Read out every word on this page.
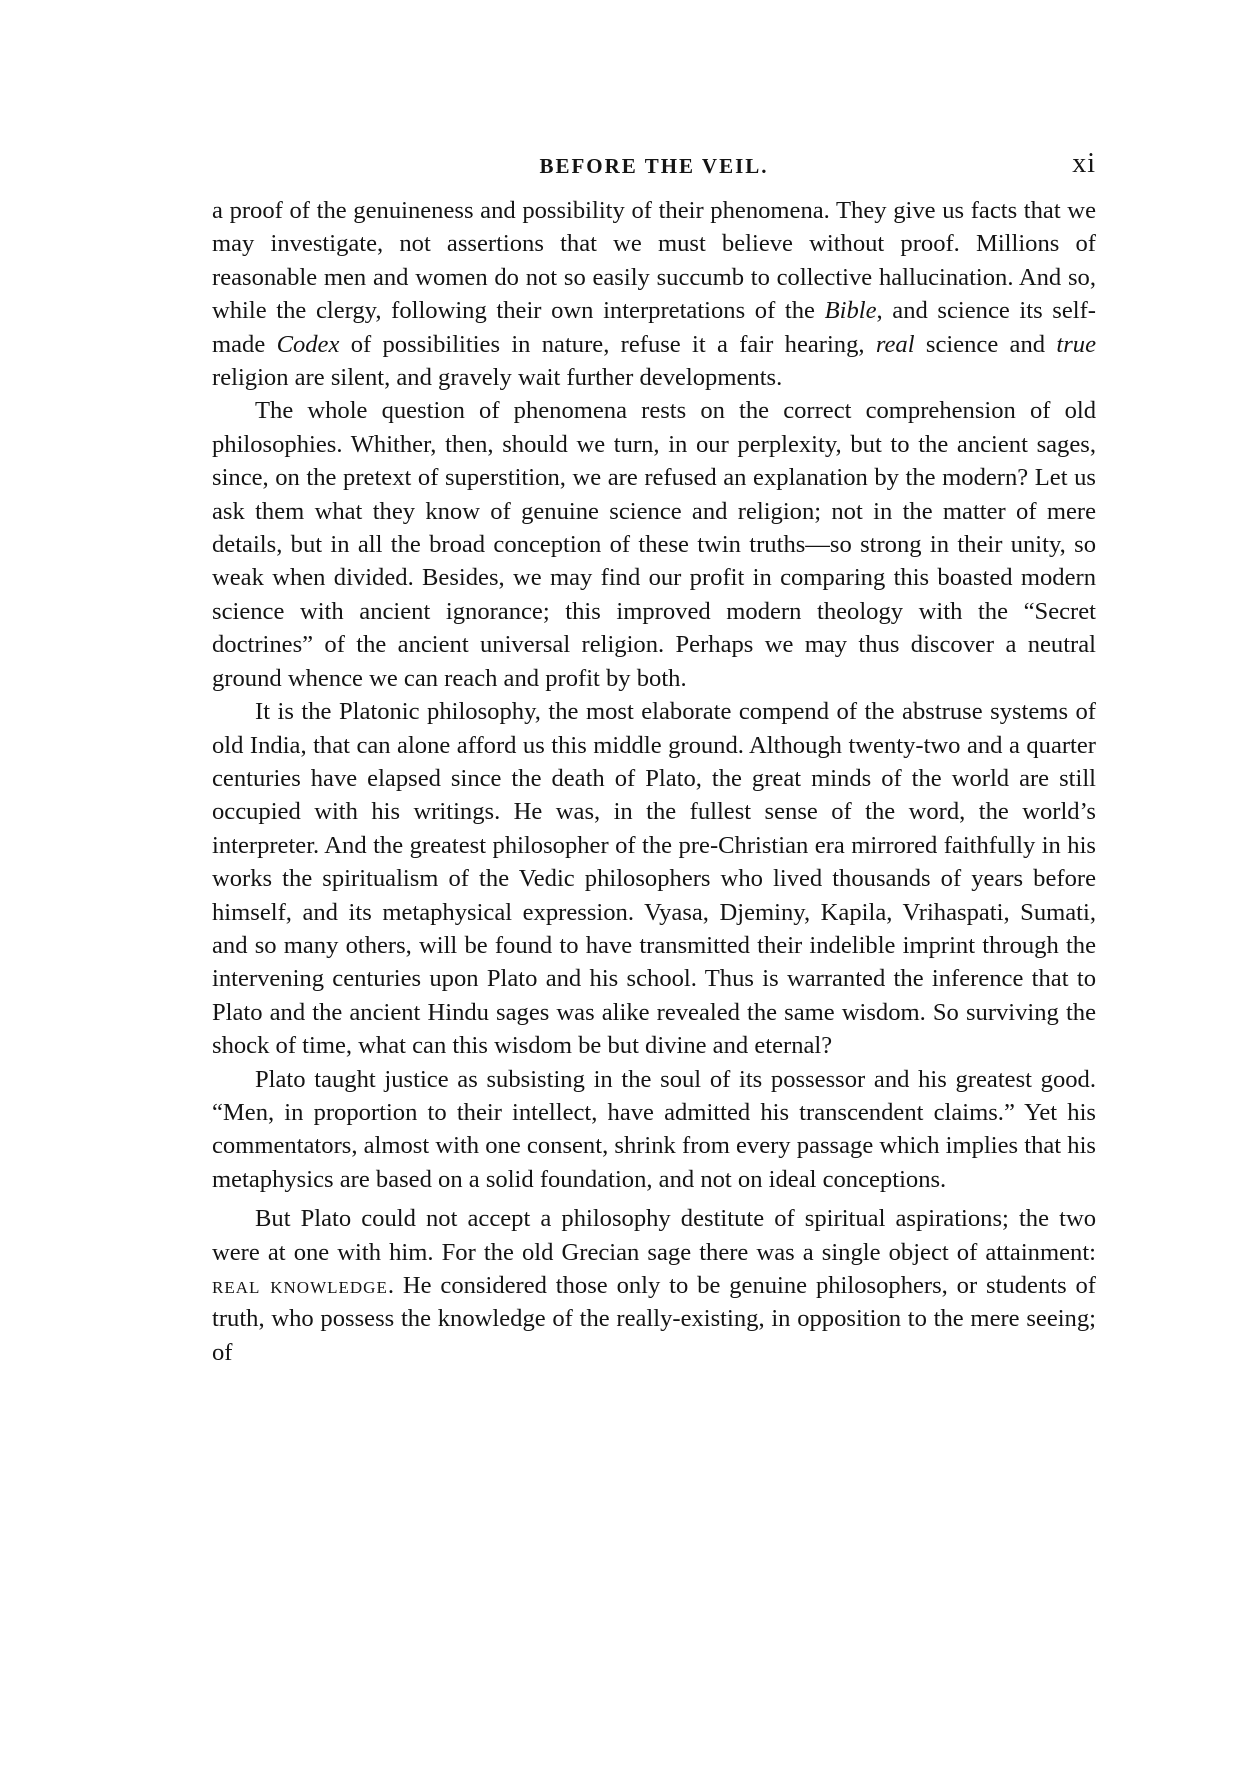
BEFORE THE VEIL.	xi

a proof of the genuineness and possibility of their phenomena. They give us facts that we may investigate, not assertions that we must believe without proof. Millions of reasonable men and women do not so easily succumb to collective hallucination. And so, while the clergy, following their own interpretations of the Bible, and science its self-made Codex of possibilities in nature, refuse it a fair hearing, real science and true religion are silent, and gravely wait further developments.

The whole question of phenomena rests on the correct comprehension of old philosophies. Whither, then, should we turn, in our perplexity, but to the ancient sages, since, on the pretext of superstition, we are refused an explanation by the modern? Let us ask them what they know of genuine science and religion; not in the matter of mere details, but in all the broad conception of these twin truths—so strong in their unity, so weak when divided. Besides, we may find our profit in comparing this boasted modern science with ancient ignorance; this improved modern theology with the “Secret doctrines” of the ancient universal religion. Perhaps we may thus discover a neutral ground whence we can reach and profit by both.

It is the Platonic philosophy, the most elaborate compend of the abstruse systems of old India, that can alone afford us this middle ground. Although twenty-two and a quarter centuries have elapsed since the death of Plato, the great minds of the world are still occupied with his writings. He was, in the fullest sense of the word, the world’s interpreter. And the greatest philosopher of the pre-Christian era mirrored faithfully in his works the spiritualism of the Vedic philosophers who lived thousands of years before himself, and its metaphysical expression. Vyasa, Djeminy, Kapila, Vrihaspati, Sumati, and so many others, will be found to have transmitted their indelible imprint through the intervening centuries upon Plato and his school. Thus is warranted the inference that to Plato and the ancient Hindu sages was alike revealed the same wisdom. So surviving the shock of time, what can this wisdom be but divine and eternal?

Plato taught justice as subsisting in the soul of its possessor and his greatest good. “Men, in proportion to their intellect, have admitted his transcendent claims.” Yet his commentators, almost with one consent, shrink from every passage which implies that his metaphysics are based on a solid foundation, and not on ideal conceptions.

But Plato could not accept a philosophy destitute of spiritual aspirations; the two were at one with him. For the old Grecian sage there was a single object of attainment: real knowledge. He considered those only to be genuine philosophers, or students of truth, who possess the knowledge of the really-existing, in opposition to the mere seeing; of
